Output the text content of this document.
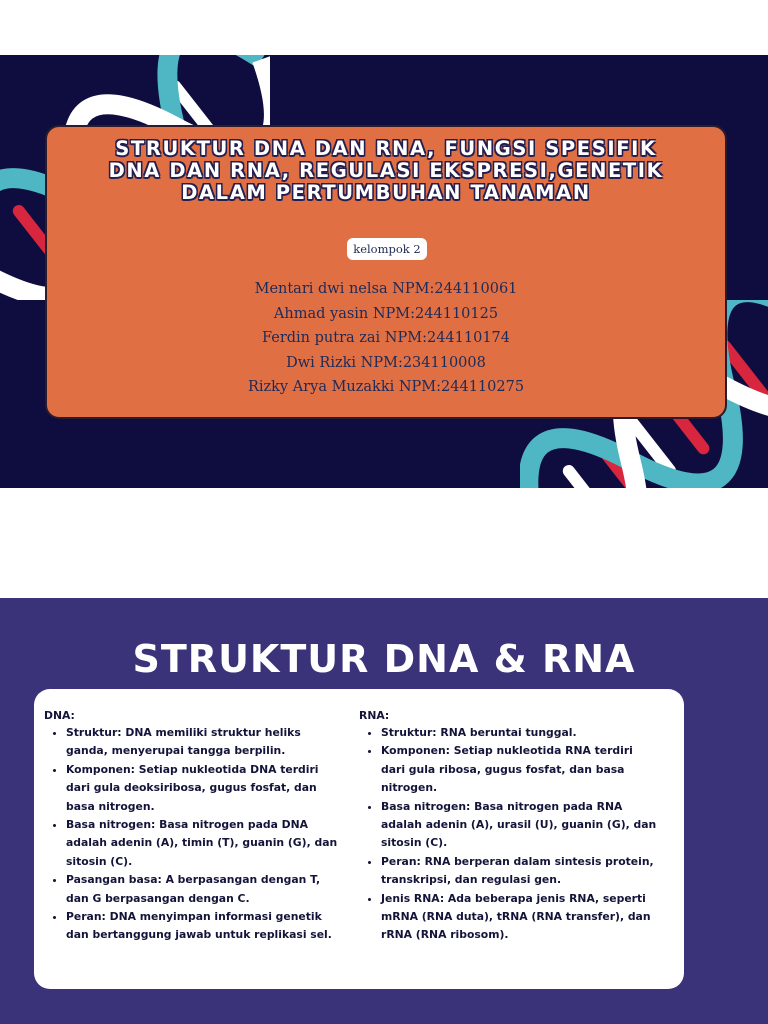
STRUKTUR DNA DAN RNA, FUNGSI SPESIFIK DNA DAN RNA, REGULASI EKSPRESI,GENETIK DALAM PERTUMBUHAN TANAMAN
kelompok 2
Mentari dwi nelsa NPM:244110061
Ahmad yasin NPM:244110125
Ferdin putra zai NPM:244110174
Dwi Rizki NPM:234110008
Rizky Arya Muzakki NPM:244110275
STRUKTUR DNA & RNA

DNA:

• Struktur: DNA memiliki struktur heliks ganda, menyerupai tangga berpilin.
• Komponen: Setiap nukleotida DNA terdiri dari gula deoksiribosa, gugus fosfat, dan basa nitrogen.
• Basa nitrogen: Basa nitrogen pada DNA adalah adenin (A), timin (T), guanin (G), dan sitosin (C).
• Pasangan basa: A berpasangan dengan T, dan G berpasangan dengan C.
• Peran: DNA menyimpan informasi genetik dan bertanggung jawab untuk replikasi sel.

RNA:

• Struktur: RNA beruntai tunggal.
• Komponen: Setiap nukleotida RNA terdiri dari gula ribosa, gugus fosfat, dan basa nitrogen.
• Basa nitrogen: Basa nitrogen pada RNA adalah adenin (A), urasil (U), guanin (G), dan sitosin (C).
• Peran: RNA berperan dalam sintesis protein, transkripsi, dan regulasi gen.
• Jenis RNA: Ada beberapa jenis RNA, seperti mRNA (RNA duta), tRNA (RNA transfer), dan rRNA (RNA ribosom).
